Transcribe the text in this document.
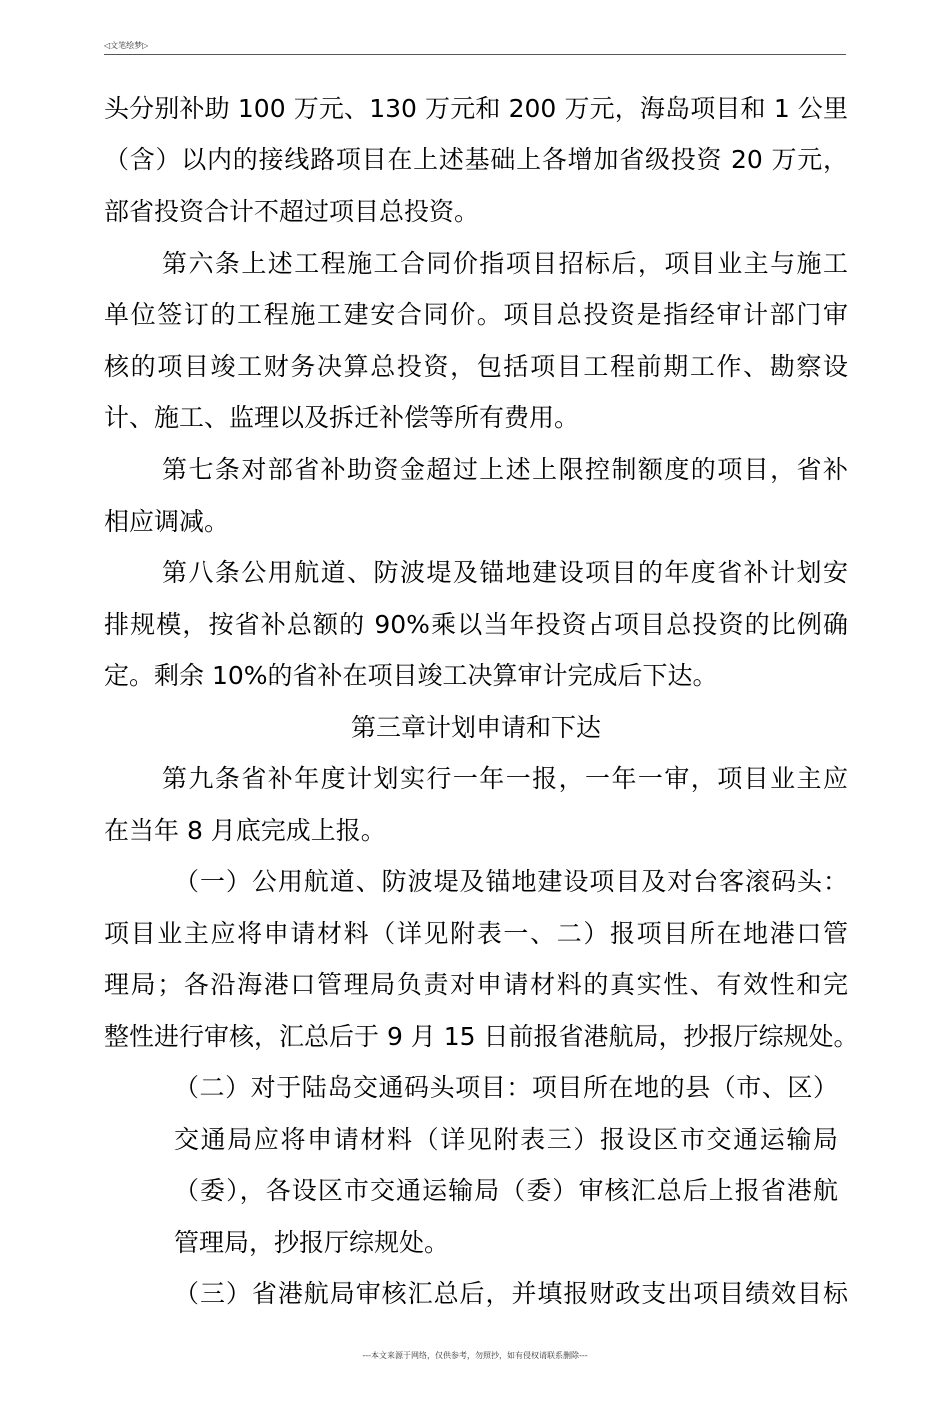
◁文笔绘梦▷
头分别补助 100 万元、130 万元和 200 万元，海岛项目和 1 公里
（含）以内的接线路项目在上述基础上各增加省级投资 20 万元，
部省投资合计不超过项目总投资。
第六条上述工程施工合同价指项目招标后，项目业主与施工
单位签订的工程施工建安合同价。项目总投资是指经审计部门审
核的项目竣工财务决算总投资，包括项目工程前期工作、勘察设
计、施工、监理以及拆迁补偿等所有费用。
第七条对部省补助资金超过上述上限控制额度的项目，省补
相应调减。
第八条公用航道、防波堤及锚地建设项目的年度省补计划安
排规模，按省补总额的 90%乘以当年投资占项目总投资的比例确
定。剩余 10%的省补在项目竣工决算审计完成后下达。
第三章计划申请和下达
第九条省补年度计划实行一年一报，一年一审，项目业主应
在当年 8 月底完成上报。
（一）公用航道、防波堤及锚地建设项目及对台客滚码头：
项目业主应将申请材料（详见附表一、二）报项目所在地港口管
理局；各沿海港口管理局负责对申请材料的真实性、有效性和完
整性进行审核，汇总后于 9 月 15 日前报省港航局，抄报厅综规处。
（二）对于陆岛交通码头项目：项目所在地的县（市、区）
交通局应将申请材料（详见附表三）报设区市交通运输局
（委），各设区市交通运输局（委）审核汇总后上报省港航
管理局，抄报厅综规处。
（三）省港航局审核汇总后，并填报财政支出项目绩效目标
---本文来源于网络，仅供参考，勿照抄，如有侵权请联系删除---
